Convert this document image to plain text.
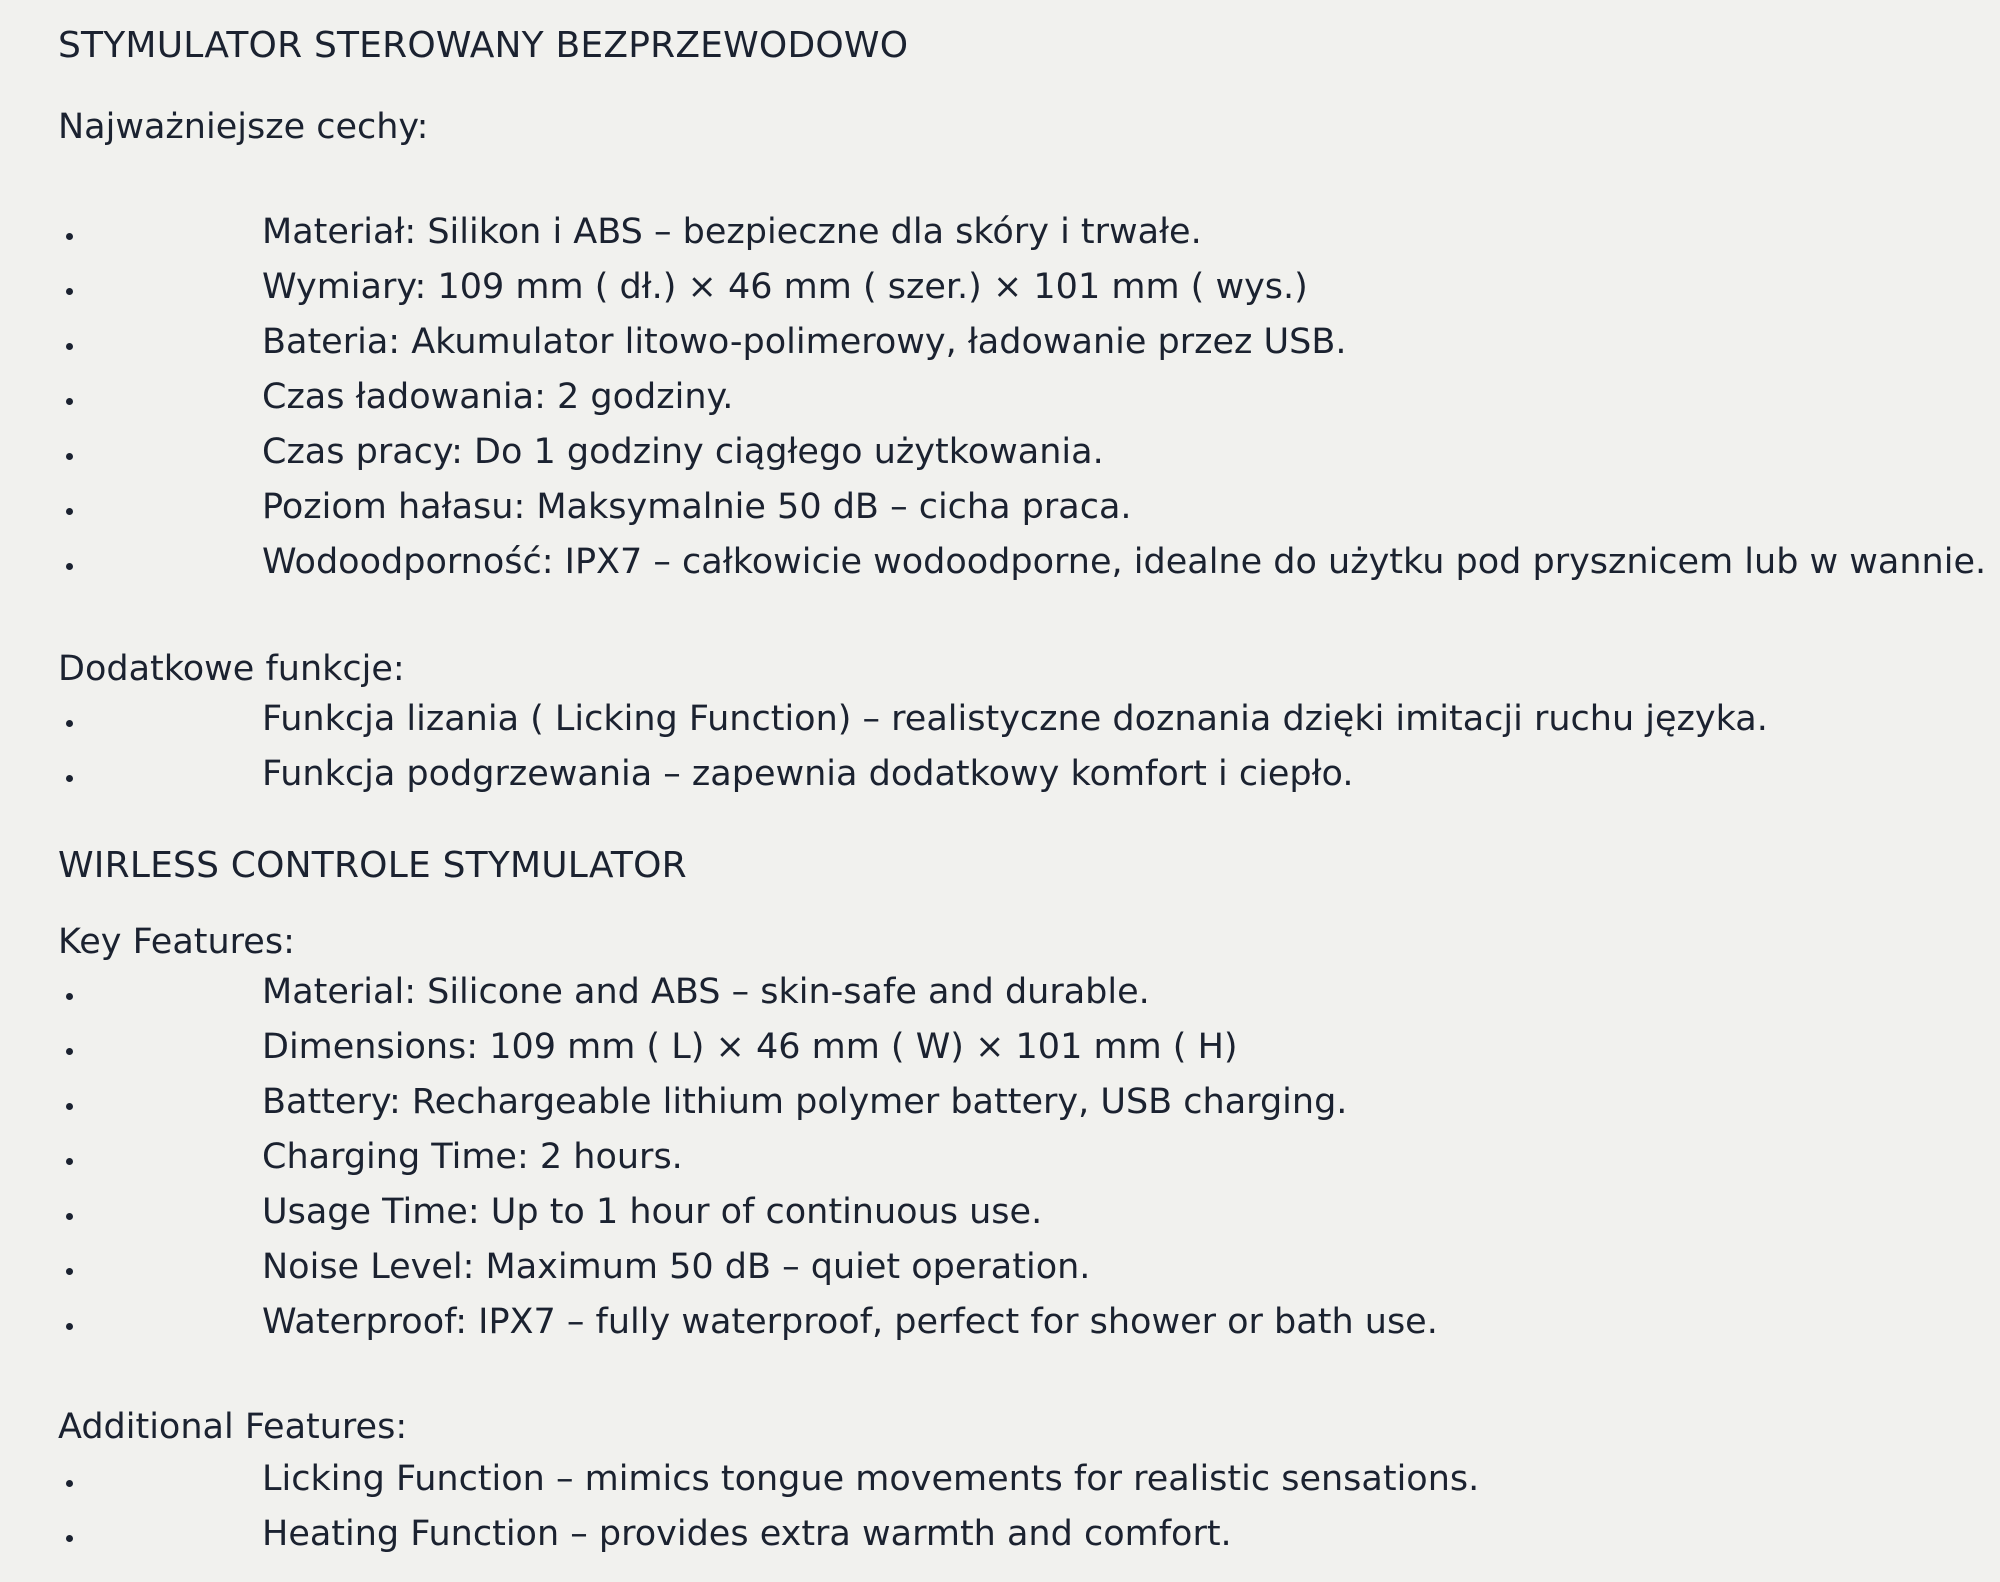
STYMULATOR STEROWANY BEZPRZEWODOWO
Najważniejsze cechy:
Materiał: Silikon i ABS – bezpieczne dla skóry i trwałe.
Wymiary: 109 mm ( dł.) × 46 mm ( szer.) × 101 mm ( wys.)
Bateria: Akumulator litowo-polimerowy, ładowanie przez USB.
Czas ładowania: 2 godziny.
Czas pracy: Do 1 godziny ciągłego użytkowania.
Poziom hałasu: Maksymalnie 50 dB – cicha praca.
Wodoodporność: IPX7 – całkowicie wodoodporne, idealne do użytku pod prysznicem lub w wannie.
Dodatkowe funkcje:
Funkcja lizania ( Licking Function) – realistyczne doznania dzięki imitacji ruchu języka.
Funkcja podgrzewania – zapewnia dodatkowy komfort i ciepło.
WIRLESS CONTROLE STYMULATOR
Key Features:
Material: Silicone and ABS – skin-safe and durable.
Dimensions: 109 mm ( L) × 46 mm ( W) × 101 mm ( H)
Battery: Rechargeable lithium polymer battery, USB charging.
Charging Time: 2 hours.
Usage Time: Up to 1 hour of continuous use.
Noise Level: Maximum 50 dB – quiet operation.
Waterproof: IPX7 – fully waterproof, perfect for shower or bath use.
Additional Features:
Licking Function – mimics tongue movements for realistic sensations.
Heating Function – provides extra warmth and comfort.
